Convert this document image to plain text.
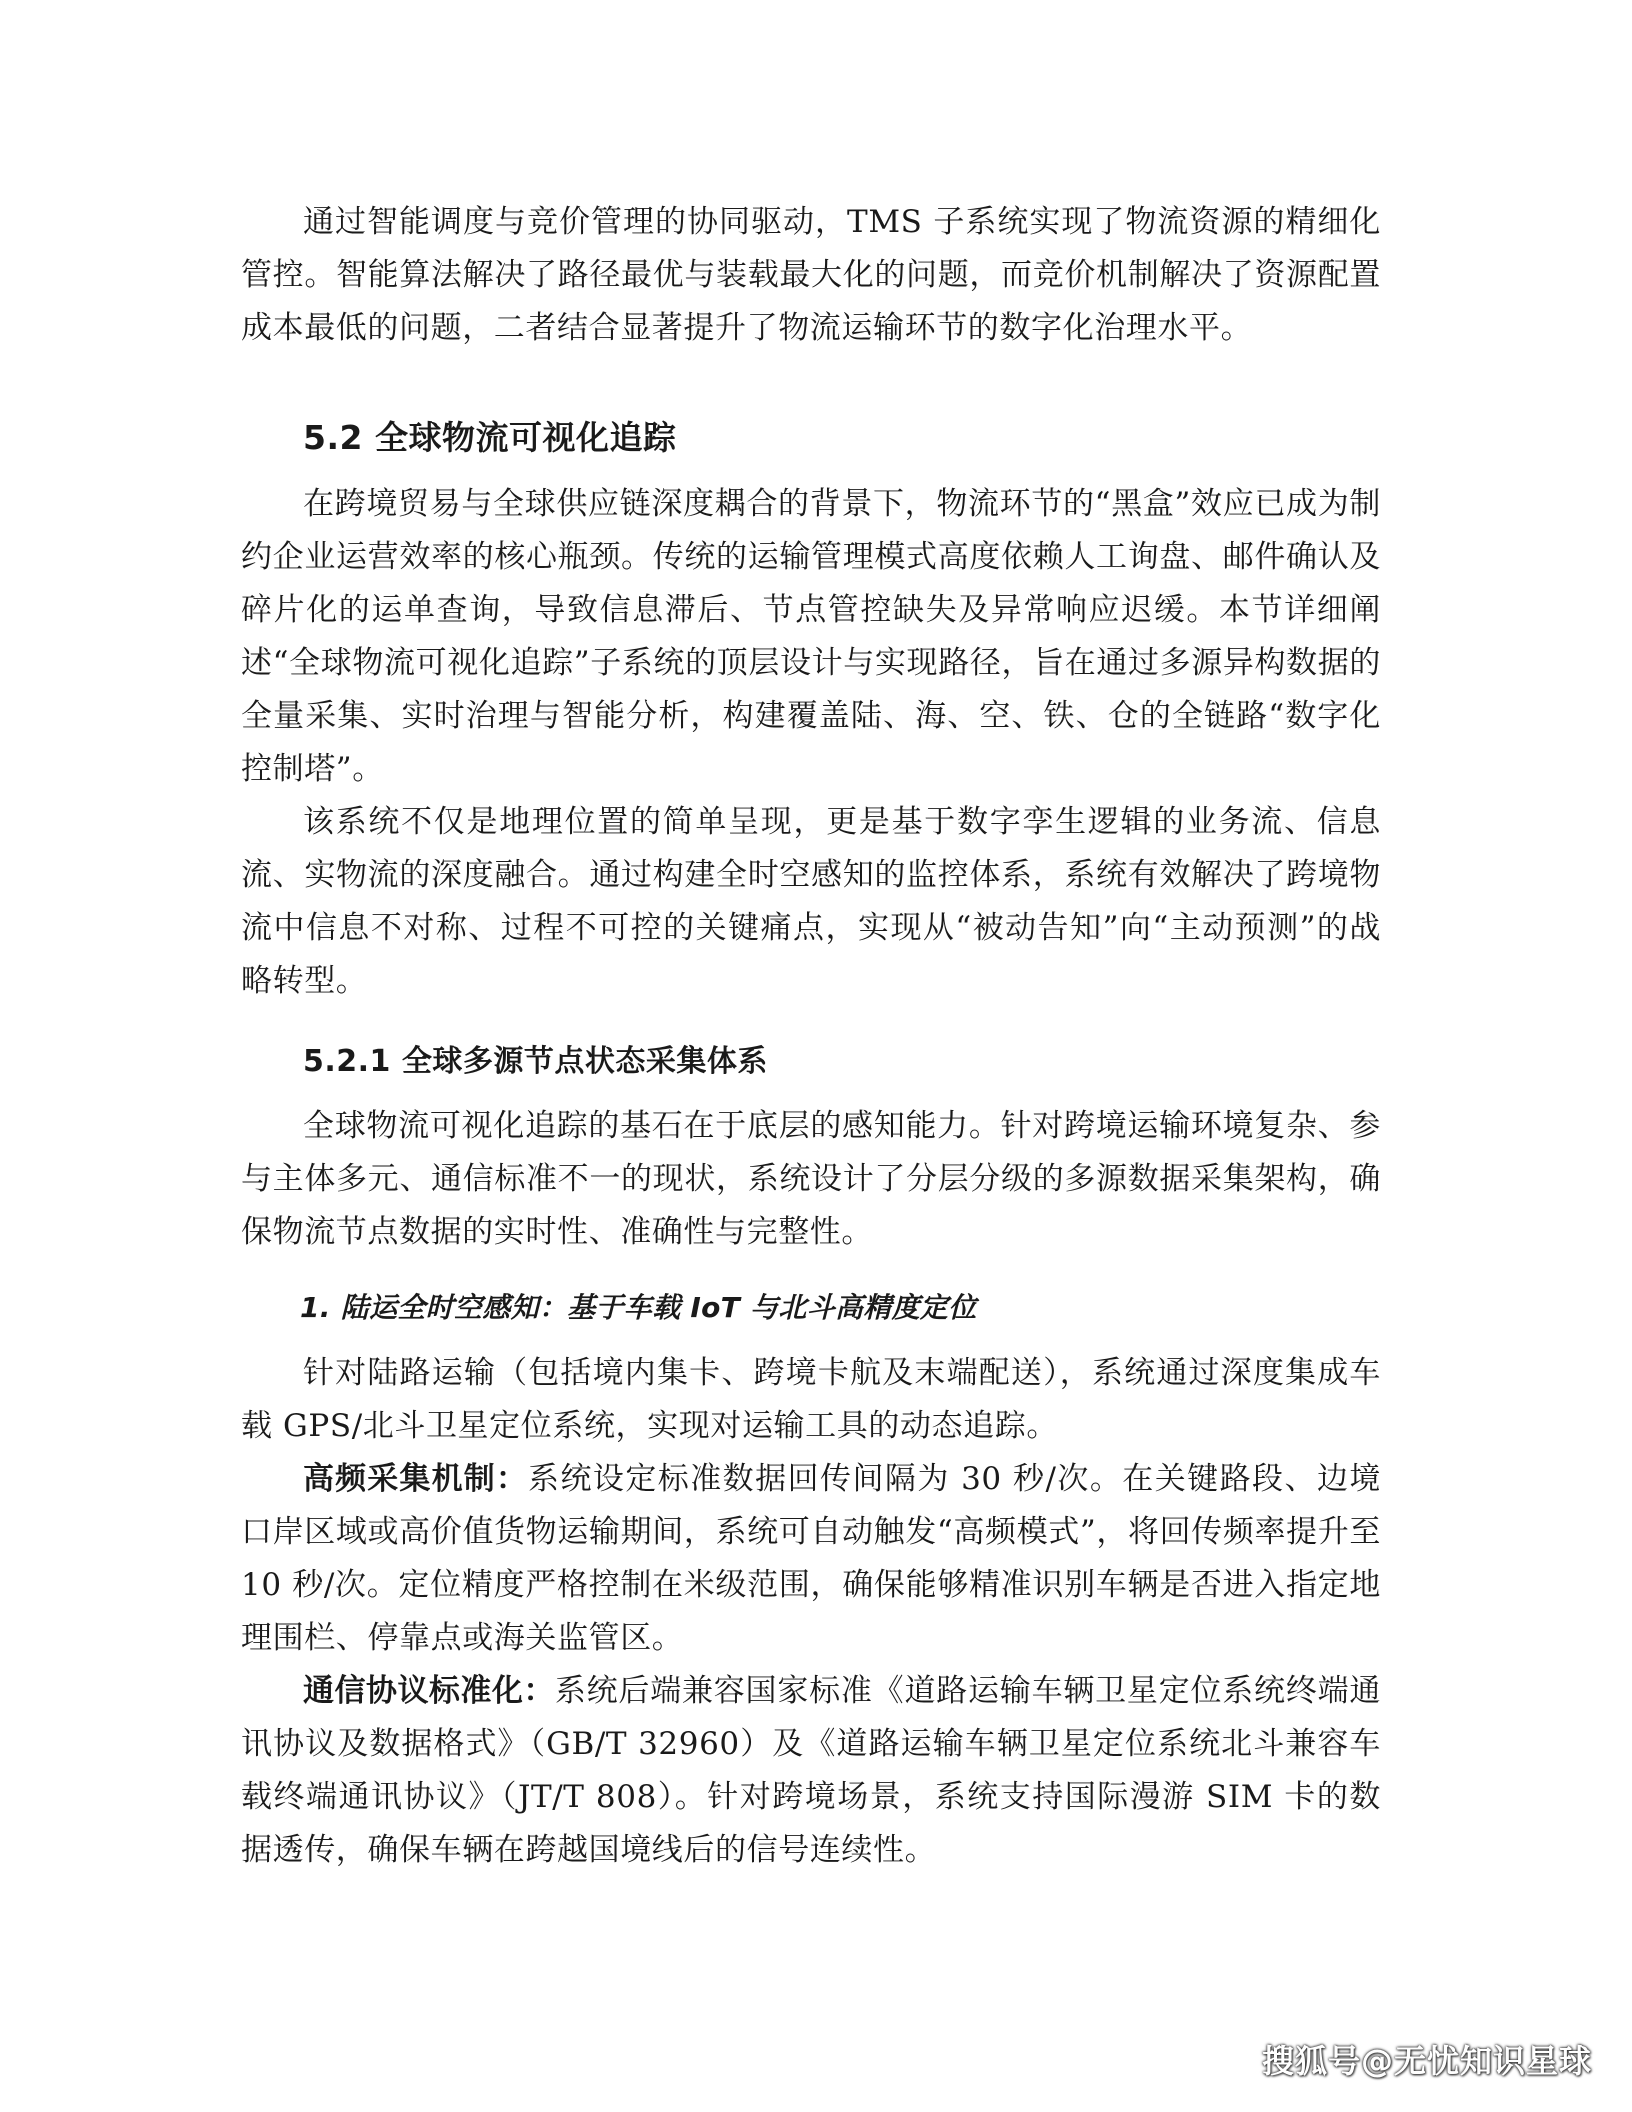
通过智能调度与竞价管理的协同驱动，TMS 子系统实现了物流资源的精细化管控。智能算法解决了路径最优与装载最大化的问题，而竞价机制解决了资源配置成本最低的问题，二者结合显著提升了物流运输环节的数字化治理水平。

5.2 全球物流可视化追踪

在跨境贸易与全球供应链深度耦合的背景下，物流环节的“黑盒”效应已成为制约企业运营效率的核心瓶颈。传统的运输管理模式高度依赖人工询盘、邮件确认及碎片化的运单查询，导致信息滞后、节点管控缺失及异常响应迟缓。本节详细阐述“全球物流可视化追踪”子系统的顶层设计与实现路径，旨在通过多源异构数据的全量采集、实时治理与智能分析，构建覆盖陆、海、空、铁、仓的全链路“数字化控制塔”。

该系统不仅是地理位置的简单呈现，更是基于数字孪生逻辑的业务流、信息流、实物流的深度融合。通过构建全时空感知的监控体系，系统有效解决了跨境物流中信息不对称、过程不可控的关键痛点，实现从“被动告知”向“主动预测”的战略转型。

5.2.1 全球多源节点状态采集体系

全球物流可视化追踪的基石在于底层的感知能力。针对跨境运输环境复杂、参与主体多元、通信标准不一的现状，系统设计了分层分级的多源数据采集架构，确保物流节点数据的实时性、准确性与完整性。

1. 陆运全时空感知：基于车载 IoT 与北斗高精度定位

针对陆路运输（包括境内集卡、跨境卡航及末端配送），系统通过深度集成车载 GPS/北斗卫星定位系统，实现对运输工具的动态追踪。

高频采集机制：系统设定标准数据回传间隔为 30 秒/次。在关键路段、边境口岸区域或高价值货物运输期间，系统可自动触发“高频模式”，将回传频率提升至 10 秒/次。定位精度严格控制在米级范围，确保能够精准识别车辆是否进入指定地理围栏、停靠点或海关监管区。

通信协议标准化：系统后端兼容国家标准《道路运输车辆卫星定位系统终端通讯协议及数据格式》（GB/T 32960）及《道路运输车辆卫星定位系统北斗兼容车载终端通讯协议》（JT/T 808）。针对跨境场景，系统支持国际漫游 SIM 卡的数据透传，确保车辆在跨越国境线后的信号连续性。

搜狐号@无忧知识星球
